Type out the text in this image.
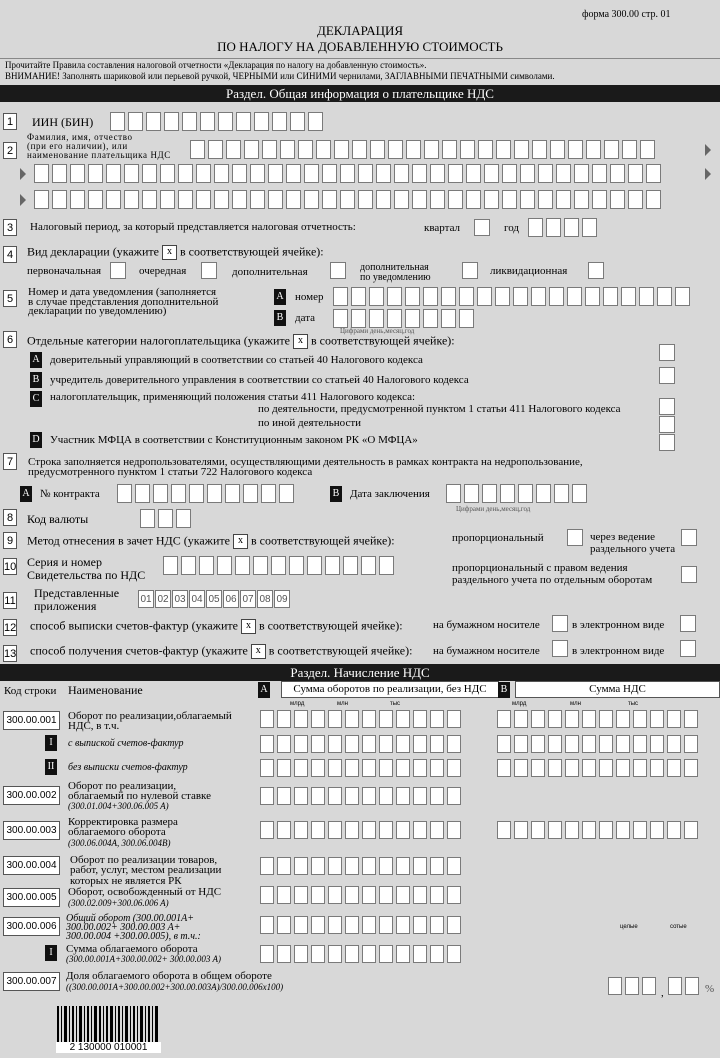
форма 300.00 стр. 01
ДЕКЛАРАЦИЯ
ПО НАЛОГУ НА ДОБАВЛЕННУЮ СТОИМОСТЬ
Прочитайте Правила составления налоговой отчетности «Декларация по налогу на добавленную стоимость».
ВНИМАНИЕ! Заполнять шариковой или перьевой ручкой, ЧЕРНЫМИ или СИНИМИ чернилами, ЗАГЛАВНЫМИ ПЕЧАТНЫМИ символами.
Раздел. Общая информация о плательщике НДС
1	ИИН (БИН)
2
Фамилия, имя, отчество
(при его наличии), или
наименование плательщика НДС
3	Налоговый период, за который представляется налоговая отчетность:	квартал	год
4	Вид декларации (укажите x в соответствующей ячейке):
первоначальная	очередная	дополнительная	дополнительная
по уведомлению	ликвидационная
5
Номер и дата уведомления (заполняется
в случае представления дополнительной
декларации по уведомлению)
A номер
B дата
Цифрами день,месяц,год
6	Отдельные категории налогоплательщика (укажите x в соответствующей ячейке):
A доверительный управляющий в соответствии со статьей 40 Налогового кодекса
B учредитель доверительного управления в соответствии со статьей 40 Налогового кодекса
C налогоплательщик, применяющий положения статьи 411 Налогового кодекса:
по деятельности, предусмотренной пунктом 1 статьи 411 Налогового кодекса
по иной деятельности
D Участник МФЦА в соответствии с Конституционным законом РК «О МФЦА»
7	Строка заполняется недропользователями, осуществляющими деятельность в рамках контракта на недропользование,
предусмотренного пунктом 1 статьи 722 Налогового кодекса
A № контракта	B Дата заключения
Цифрами день,месяц,год
8	Код валюты
9	Метод отнесения в зачет НДС (укажите x в соответствующей ячейке):	пропорциональный	через ведение
раздельного учета
10 Серия и номер
Свидетельства по НДС	пропорциональный с правом ведения
раздельного учета по отдельным оборотам
11
Представленные
приложения	01 02 03 04 05 06 07 08 09
12 способ выписки счетов-фактур (укажите x в соответствующей ячейке):	на бумажном носителе	в электронном виде
13 способ получения счетов-фактур (укажите x в соответствующей ячейке): на бумажном носителе	в электронном виде
Раздел. Начисление НДС
Код строки Наименование	A	Сумма оборотов по реализации, без НДС	B	Сумма НДС
млрд	млн	тыс	млрд	млн	тыс
300.00.001	Оборот по реализации,облагаемый
НДС, в т.ч.
I	с выпиской счетов-фактур
II без выписки счетов-фактур
300.00.002
Оборот по реализации,
облагаемый по нулевой ставке
(300.01.004+300.06.005 A)
300.00.003
Корректировка размера
облагаемого оборота
(300.06.004A, 300.06.004B)
300.00.004	Оборот по реализации товаров,
работ, услуг, местом реализации
которых не является РК
300.00.005	Оборот, освобожденный от НДС
(300.02.009+300.06.006 A)
300.00.006
Общий оборот (300.00.001A+
300.00.002+ 300.00.003 A+
300.00.004 +300.00.005), в т.ч.:
целые	сотые
I	Сумма облагаемого оборота
(300.00.001A+300.00.002+ 300.00.003 A)
300.00.007 Доля облагаемого оборота в общем обороте
((300.00.001A+300.00.002+300.00.003A)/300.00.006x100)	,	%
2 130000 010001
